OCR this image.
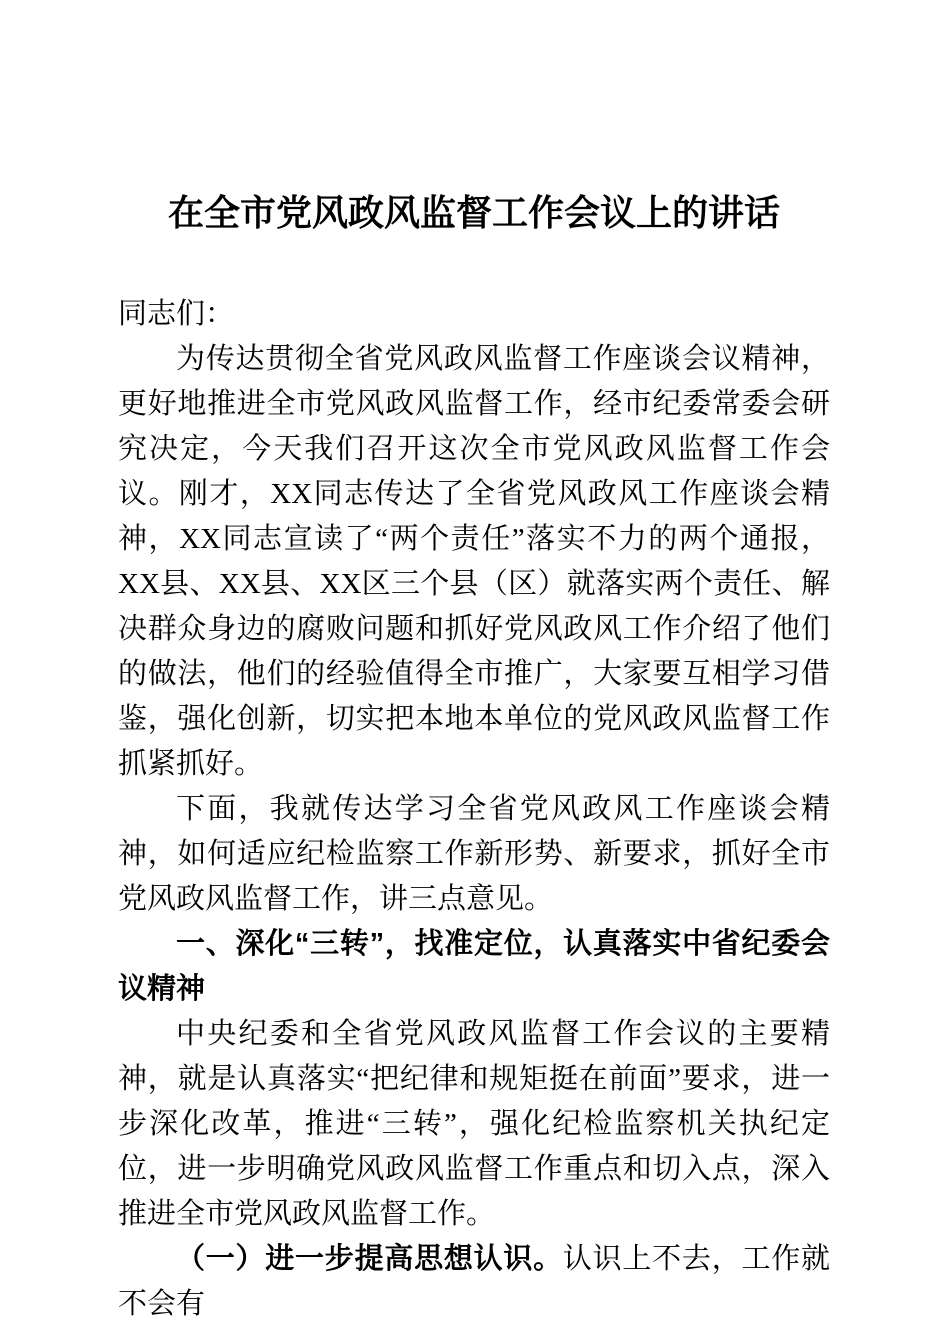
在全市党风政风监督工作会议上的讲话

同志们：

为传达贯彻全省党风政风监督工作座谈会议精神，更好地推进全市党风政风监督工作，经市纪委常委会研究决定，今天我们召开这次全市党风政风监督工作会议。刚才，XX同志传达了全省党风政风工作座谈会精神，XX同志宣读了“两个责任”落实不力的两个通报，XX县、XX县、XX区三个县（区）就落实两个责任、解决群众身边的腐败问题和抓好党风政风工作介绍了他们的做法，他们的经验值得全市推广，大家要互相学习借鉴，强化创新，切实把本地本单位的党风政风监督工作抓紧抓好。

下面，我就传达学习全省党风政风工作座谈会精神，如何适应纪检监察工作新形势、新要求，抓好全市党风政风监督工作，讲三点意见。

一、深化“三转”，找准定位，认真落实中省纪委会议精神

中央纪委和全省党风政风监督工作会议的主要精神，就是认真落实“把纪律和规矩挺在前面”要求，进一步深化改革，推进“三转”，强化纪检监察机关执纪定位，进一步明确党风政风监督工作重点和切入点，深入推进全市党风政风监督工作。

（一）进一步提高思想认识。认识上不去，工作就不会有
